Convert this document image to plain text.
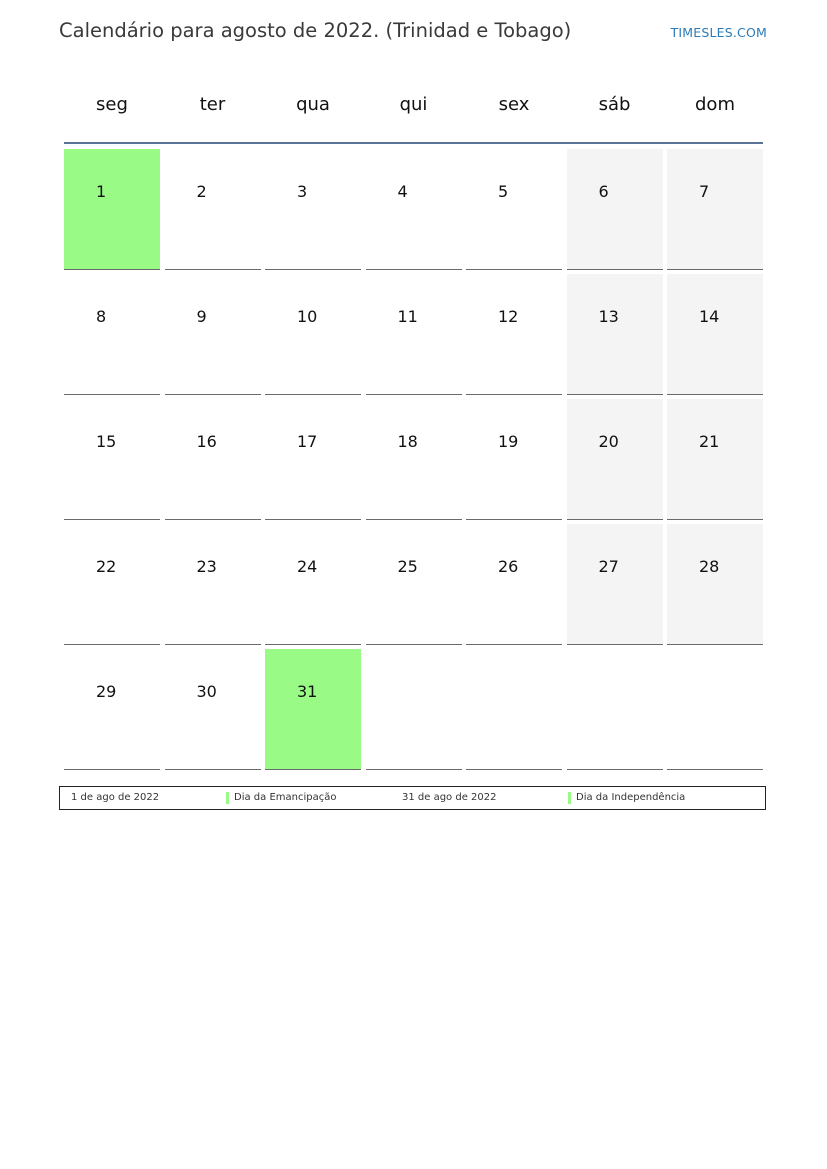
Calendário para agosto de 2022. (Trinidad e Tobago)	TIMESLES.COM
seg	ter	qua	qui	sex	sáb	dom
1	2	3	4	5	6	7
8	9	10	11	12	13	14
15	16	17	18	19	20	21
22	23	24	25	26	27	28
29	30	31
1 de ago de 2022	Dia da Emancipação	31 de ago de 2022	Dia da Independência
